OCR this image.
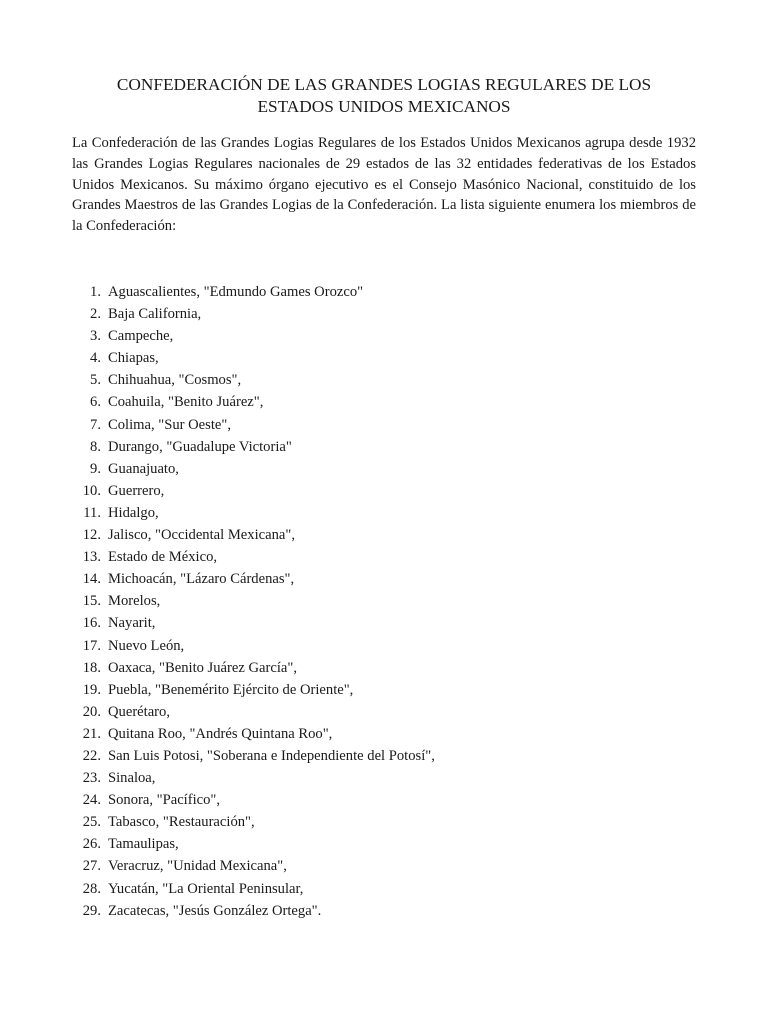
CONFEDERACIÓN DE LAS GRANDES LOGIAS REGULARES DE LOS
ESTADOS UNIDOS MEXICANOS

La Confederación de las Grandes Logias Regulares de los Estados Unidos Mexicanos agrupa desde 1932 las Grandes Logias Regulares nacionales de 29 estados de las 32 entidades federativas de los Estados Unidos Mexicanos. Su máximo órgano ejecutivo es el Consejo Masónico Nacional, constituido de los Grandes Maestros de las Grandes Logias de la Confederación. La lista siguiente enumera los miembros de la Confederación:

1. Aguascalientes, "Edmundo Games Orozco"
2. Baja California,
3. Campeche,
4. Chiapas,
5. Chihuahua, "Cosmos",
6. Coahuila, "Benito Juárez",
7. Colima, "Sur Oeste",
8. Durango, "Guadalupe Victoria"
9. Guanajuato,
10. Guerrero,
11. Hidalgo,
12. Jalisco, "Occidental Mexicana",
13. Estado de México,
14. Michoacán, "Lázaro Cárdenas",
15. Morelos,
16. Nayarit,
17. Nuevo León,
18. Oaxaca, "Benito Juárez García",
19. Puebla, "Benemérito Ejército de Oriente",
20. Querétaro,
21. Quitana Roo, "Andrés Quintana Roo",
22. San Luis Potosi, "Soberana e Independiente del Potosí",
23. Sinaloa,
24. Sonora, "Pacífico",
25. Tabasco, "Restauración",
26. Tamaulipas,
27. Veracruz, "Unidad Mexicana",
28. Yucatán, "La Oriental Peninsular,
29. Zacatecas, "Jesús González Ortega".
